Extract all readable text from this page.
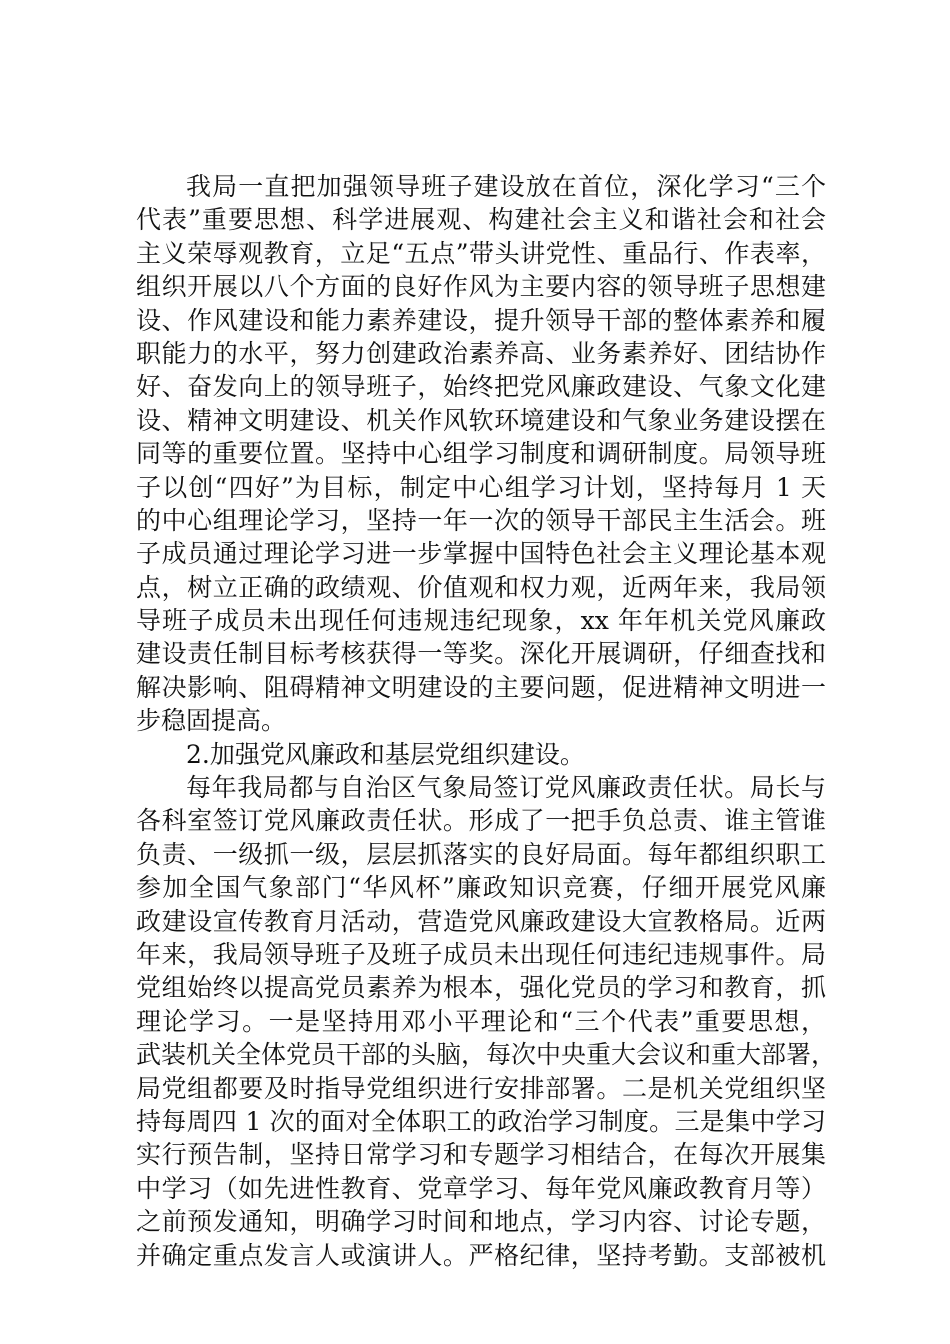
我局一直把加强领导班子建设放在首位，深化学习“三个
代表”重要思想、科学进展观、构建社会主义和谐社会和社会
主义荣辱观教育，立足“五点”带头讲党性、重品行、作表率，
组织开展以八个方面的良好作风为主要内容的领导班子思想建
设、作风建设和能力素养建设，提升领导干部的整体素养和履
职能力的水平，努力创建政治素养高、业务素养好、团结协作
好、奋发向上的领导班子，始终把党风廉政建设、气象文化建
设、精神文明建设、机关作风软环境建设和气象业务建设摆在
同等的重要位置。坚持中心组学习制度和调研制度。局领导班
子以创“四好”为目标，制定中心组学习计划，坚持每月 1 天
的中心组理论学习，坚持一年一次的领导干部民主生活会。班
子成员通过理论学习进一步掌握中国特色社会主义理论基本观
点，树立正确的政绩观、价值观和权力观，近两年来，我局领
导班子成员未出现任何违规违纪现象，xx 年年机关党风廉政
建设责任制目标考核获得一等奖。深化开展调研，仔细查找和
解决影响、阻碍精神文明建设的主要问题，促进精神文明进一
步稳固提高。
2.加强党风廉政和基层党组织建设。
每年我局都与自治区气象局签订党风廉政责任状。局长与
各科室签订党风廉政责任状。形成了一把手负总责、谁主管谁
负责、一级抓一级，层层抓落实的良好局面。每年都组织职工
参加全国气象部门“华风杯”廉政知识竞赛，仔细开展党风廉
政建设宣传教育月活动，营造党风廉政建设大宣教格局。近两
年来，我局领导班子及班子成员未出现任何违纪违规事件。局
党组始终以提高党员素养为根本，强化党员的学习和教育，抓
理论学习。一是坚持用邓小平理论和“三个代表”重要思想，
武装机关全体党员干部的头脑，每次中央重大会议和重大部署，
局党组都要及时指导党组织进行安排部署。二是机关党组织坚
持每周四 1 次的面对全体职工的政治学习制度。三是集中学习
实行预告制，坚持日常学习和专题学习相结合，在每次开展集
中学习（如先进性教育、党章学习、每年党风廉政教育月等）
之前预发通知，明确学习时间和地点，学习内容、讨论专题，
并确定重点发言人或演讲人。严格纪律，坚持考勤。支部被机
